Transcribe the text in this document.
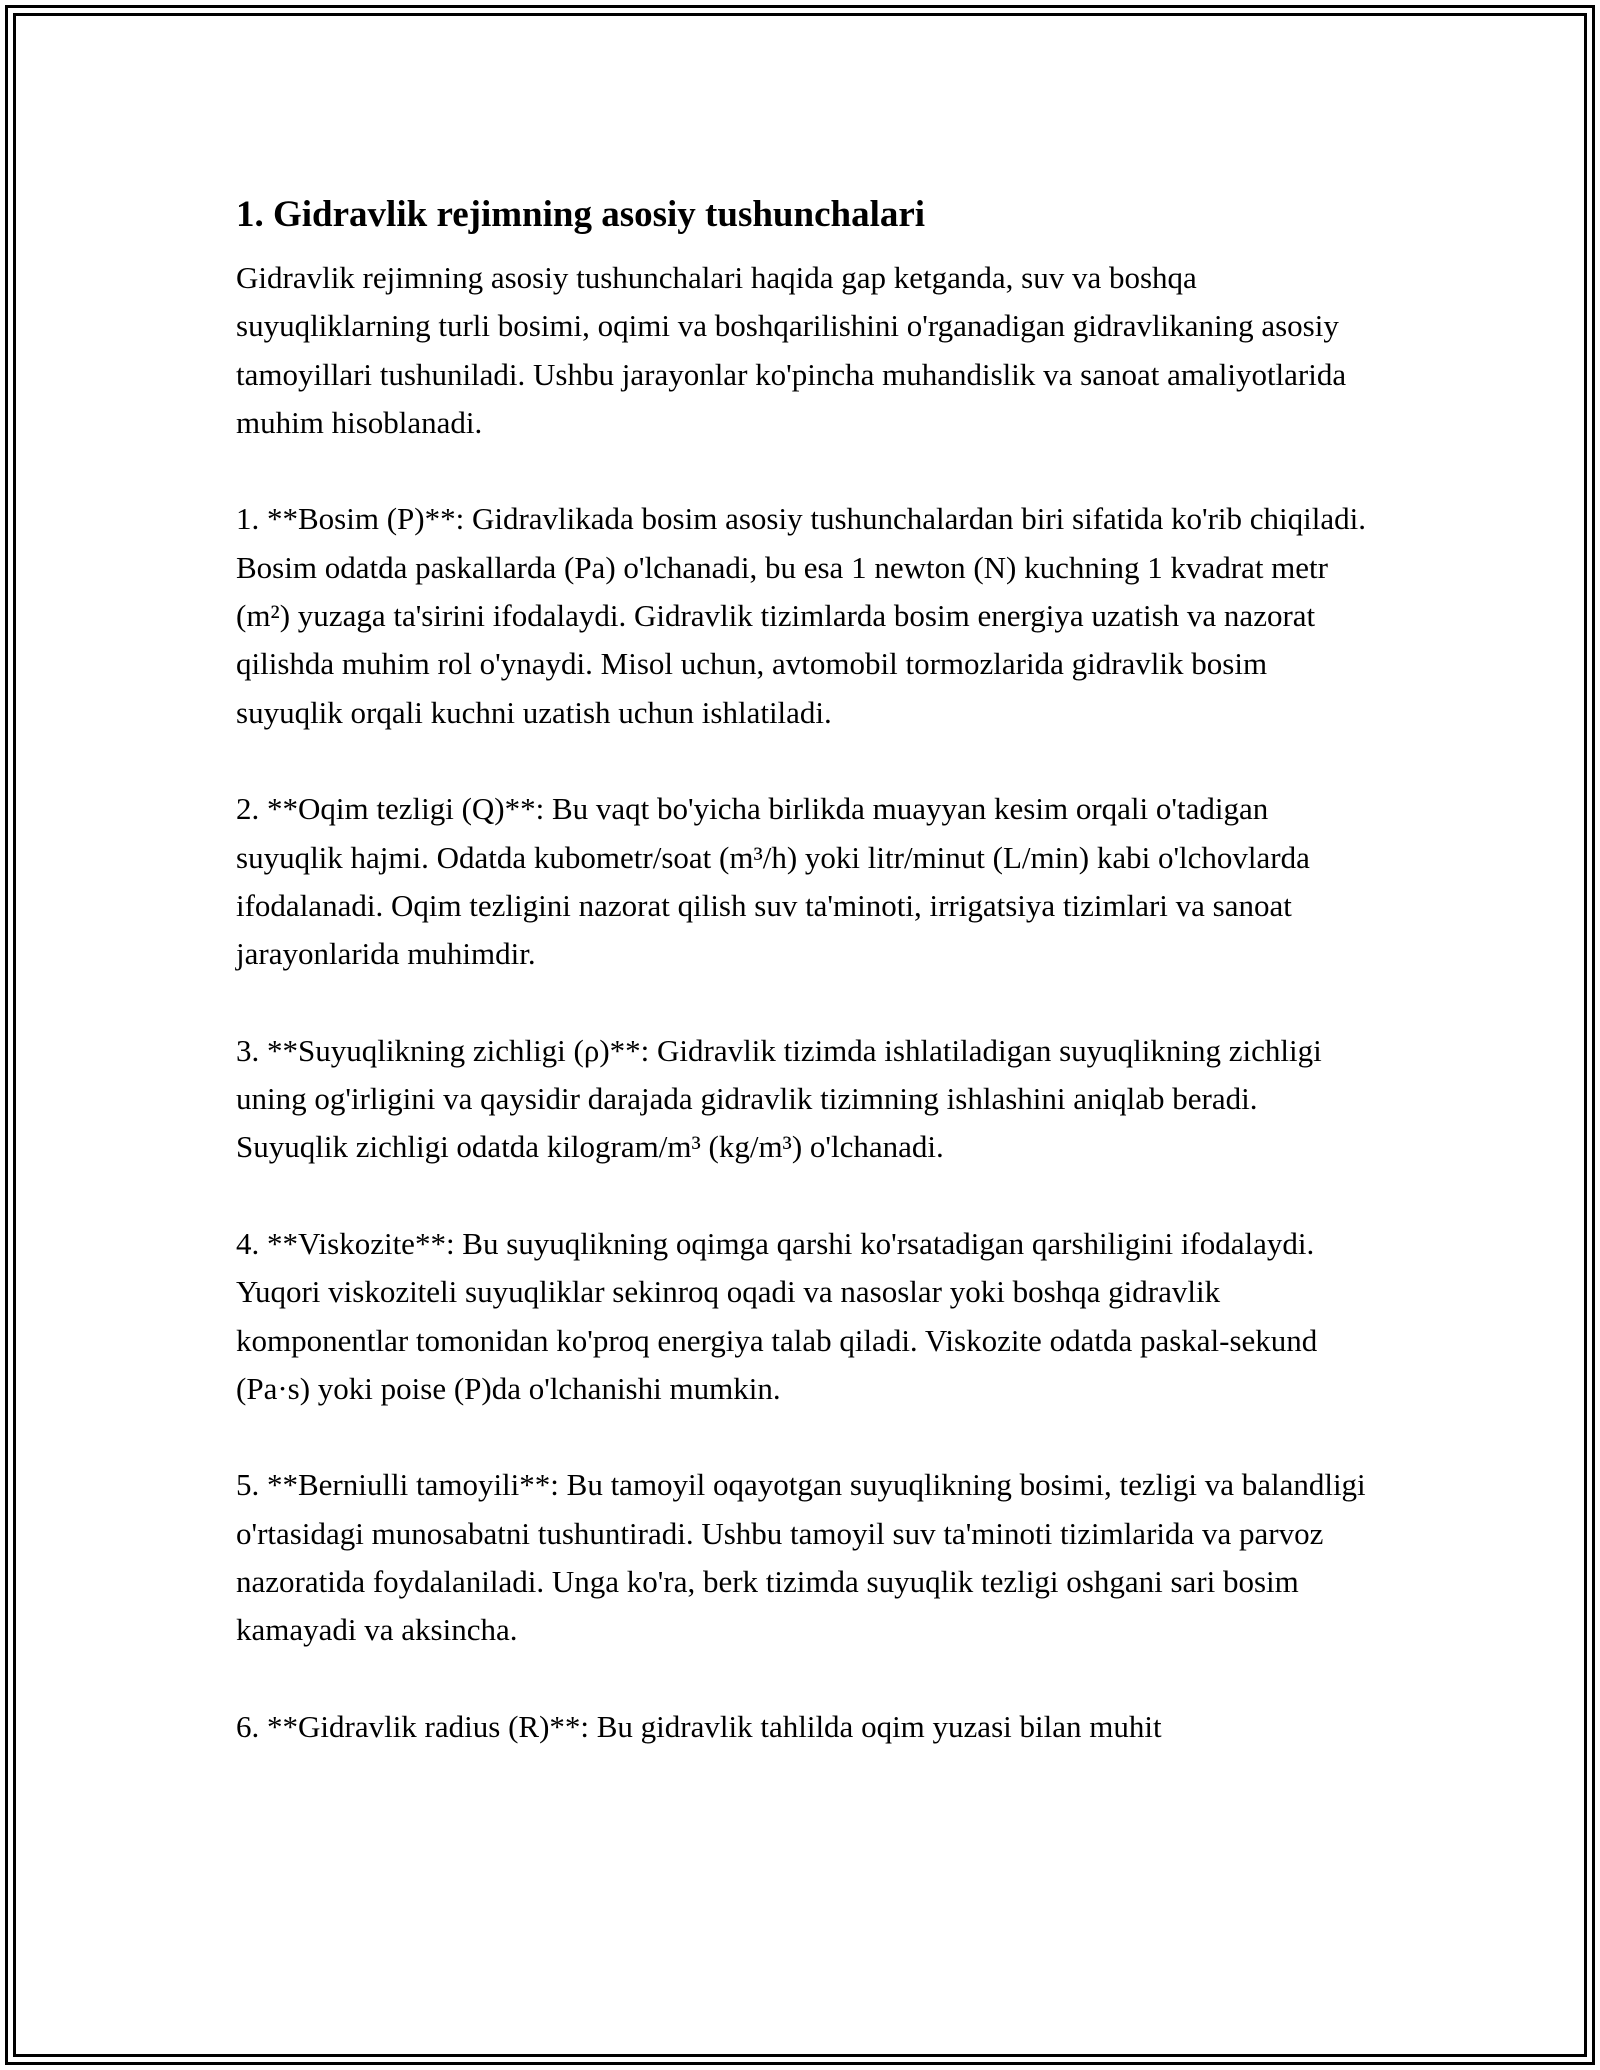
1. Gidravlik rejimning asosiy tushunchalari

Gidravlik rejimning asosiy tushunchalari haqida gap ketganda, suv va boshqa suyuqliklarning turli bosimi, oqimi va boshqarilishini o'rganadigan gidravlikaning asosiy tamoyillari tushuniladi. Ushbu jarayonlar ko'pincha muhandislik va sanoat amaliyotlarida muhim hisoblanadi.

1. **Bosim (P)**: Gidravlikada bosim asosiy tushunchalardan biri sifatida ko'rib chiqiladi. Bosim odatda paskallarda (Pa) o'lchanadi, bu esa 1 newton (N) kuchning 1 kvadrat metr (m²) yuzaga ta'sirini ifodalaydi. Gidravlik tizimlarda bosim energiya uzatish va nazorat qilishda muhim rol o'ynaydi. Misol uchun, avtomobil tormozlarida gidravlik bosim suyuqlik orqali kuchni uzatish uchun ishlatiladi.

2. **Oqim tezligi (Q)**: Bu vaqt bo'yicha birlikda muayyan kesim orqali o'tadigan suyuqlik hajmi. Odatda kubometr/soat (m³/h) yoki litr/minut (L/min) kabi o'lchovlarda ifodalanadi. Oqim tezligini nazorat qilish suv ta'minoti, irrigatsiya tizimlari va sanoat jarayonlarida muhimdir.

3. **Suyuqlikning zichligi (ρ)**: Gidravlik tizimda ishlatiladigan suyuqlikning zichligi uning og'irligini va qaysidir darajada gidravlik tizimning ishlashini aniqlab beradi. Suyuqlik zichligi odatda kilogram/m³ (kg/m³) o'lchanadi.

4. **Viskozite**: Bu suyuqlikning oqimga qarshi ko'rsatadigan qarshiligini ifodalaydi. Yuqori viskoziteli suyuqliklar sekinroq oqadi va nasoslar yoki boshqa gidravlik komponentlar tomonidan ko'proq energiya talab qiladi. Viskozite odatda paskal-sekund (Pa·s) yoki poise (P)da o'lchanishi mumkin.

5. **Berniulli tamoyili**: Bu tamoyil oqayotgan suyuqlikning bosimi, tezligi va balandligi o'rtasidagi munosabatni tushuntiradi. Ushbu tamoyil suv ta'minoti tizimlarida va parvoz nazoratida foydalaniladi. Unga ko'ra, berk tizimda suyuqlik tezligi oshgani sari bosim kamayadi va aksincha.

6. **Gidravlik radius (R)**: Bu gidravlik tahlilda oqim yuzasi bilan muhit
